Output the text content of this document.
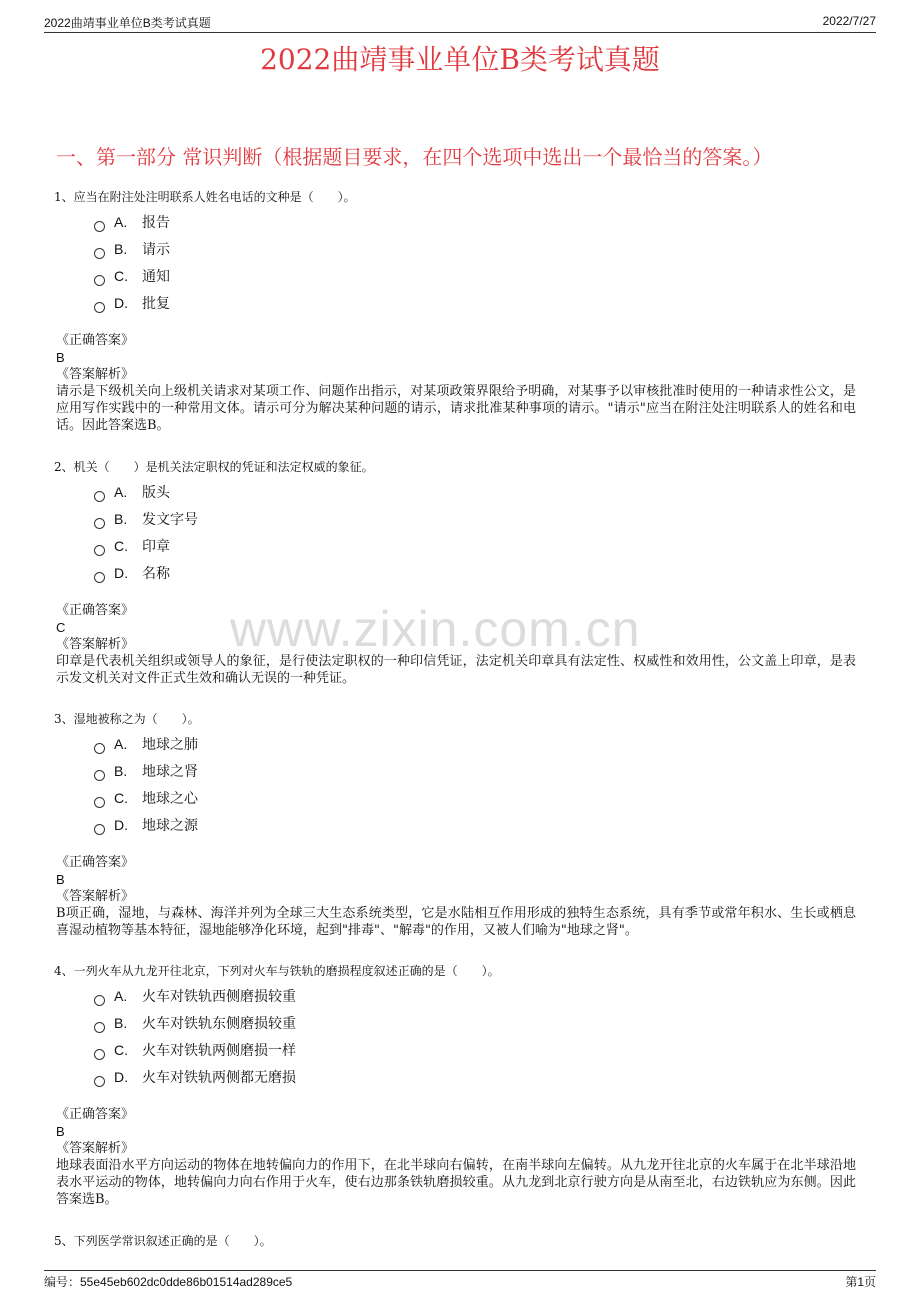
2022曲靖事业单位B类考试真题	2022/7/27
2022曲靖事业单位B类考试真题
一、第一部分 常识判断（根据题目要求，在四个选项中选出一个最恰当的答案。）
1、应当在附注处注明联系人姓名电话的文种是（　　）。
A. 报告
B. 请示
C. 通知
D. 批复
《正确答案》
B
《答案解析》
请示是下级机关向上级机关请求对某项工作、问题作出指示，对某项政策界限给予明确，对某事予以审核批准时使用的一种请求性公文，是应用写作实践中的一种常用文体。请示可分为解决某种问题的请示，请求批准某种事项的请示。"请示"应当在附注处注明联系人的姓名和电话。因此答案选B。
2、机关（　　）是机关法定职权的凭证和法定权威的象征。
A. 版头
B. 发文字号
C. 印章
D. 名称
《正确答案》
C
《答案解析》
印章是代表机关组织或领导人的象征，是行使法定职权的一种印信凭证，法定机关印章具有法定性、权威性和效用性，公文盖上印章，是表示发文机关对文件正式生效和确认无误的一种凭证。
3、湿地被称之为（　　）。
A. 地球之肺
B. 地球之肾
C. 地球之心
D. 地球之源
《正确答案》
B
《答案解析》
B项正确，湿地，与森林、海洋并列为全球三大生态系统类型，它是水陆相互作用形成的独特生态系统，具有季节或常年积水、生长或栖息喜湿动植物等基本特征，湿地能够净化环境，起到"排毒"、"解毒"的作用，又被人们喻为"地球之肾"。
4、一列火车从九龙开往北京，下列对火车与铁轨的磨损程度叙述正确的是（　　）。
A. 火车对铁轨西侧磨损较重
B. 火车对铁轨东侧磨损较重
C. 火车对铁轨两侧磨损一样
D. 火车对铁轨两侧都无磨损
《正确答案》
B
《答案解析》
地球表面沿水平方向运动的物体在地转偏向力的作用下，在北半球向右偏转，在南半球向左偏转。从九龙开往北京的火车属于在北半球沿地表水平运动的物体，地转偏向力向右作用于火车，使右边那条铁轨磨损较重。从九龙到北京行驶方向是从南至北，右边铁轨应为东侧。因此答案选B。
5、下列医学常识叙述正确的是（　　）。
www.zixin.com.cn
编号：55e45eb602dc0dde86b01514ad289ce5	第1页
